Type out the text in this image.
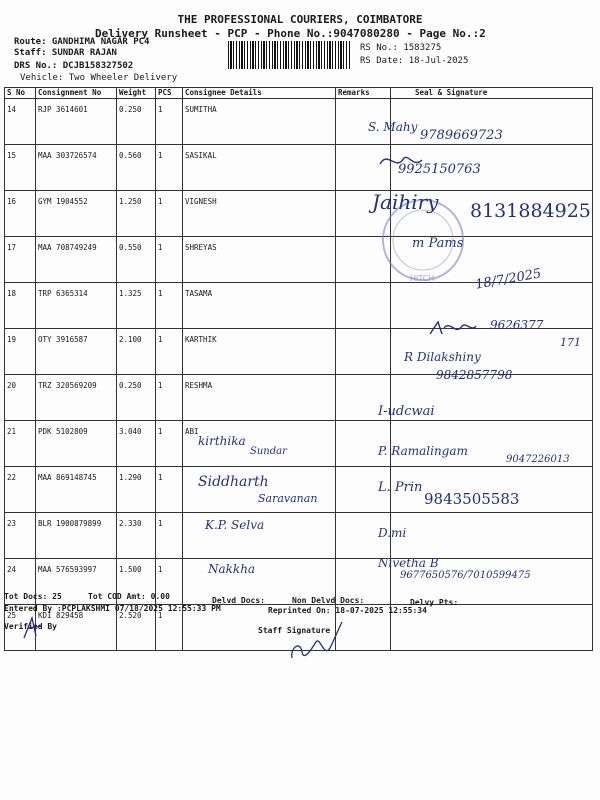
THE PROFESSIONAL COURIERS, COIMBATORE
Delivery Runsheet - PCP - Phone No.:9047080280 - Page No.:2
Route: GANDHIMA NAGAR PC4
Staff: SUNDAR RAJAN
DRS No.: DCJB158327502
Vehicle: Two Wheeler Delivery
RS No.: 1583275
RS Date: 18-Jul-2025
S No	Consignment No	Weight	PCS	Consignee Details	Remarks	Seal & Signature
14	RJP 3614601	0.250	1	SUMITHA		
15	MAA 303726574	0.560	1	SASIKAL		
16	GYM 1904552	1.250	1	VIGNESH		
17	MAA 708749249	0.550	1	SHREYAS		
18	TRP 6365314	1.325	1	TASAMA		
19	OTY 3916587	2.100	1	KARTHIK		
20	TRZ 320569209	0.250	1	RESHMA		
21	PDK 5102809	3.040	1	ABI		
22	MAA 869148745	1.290	1			
23	BLR 1900879899	2.330	1			
24	MAA 576593997	1.500	1			
25	KDI 829458	2.520	1			
HITCH
S. Mahy
9789669723
9925150763
Jaihiry 8131884925
m Pams
18/7/2025
9626377
171
R Dilakshiny
9842857798
I-udcwai
kirthika
Sundar	P. Ramalingam
9047226013
Siddharth
Saravanan
L. Prin
9843505583
K.P. Selva
D.mi
Nakkha	Nivetha B
9677650576/7010599475
Tot Docs: 25	Tot COD Amt: 0.00	Delvd Docs:	Non Delvd Docs:	Delvy Pts:
Entered By :PCPLAKSHMI 07/18/2025 12:55:33 PM	Reprinted On: 18-07-2025 12:55:34
Verified By	Staff Signature
